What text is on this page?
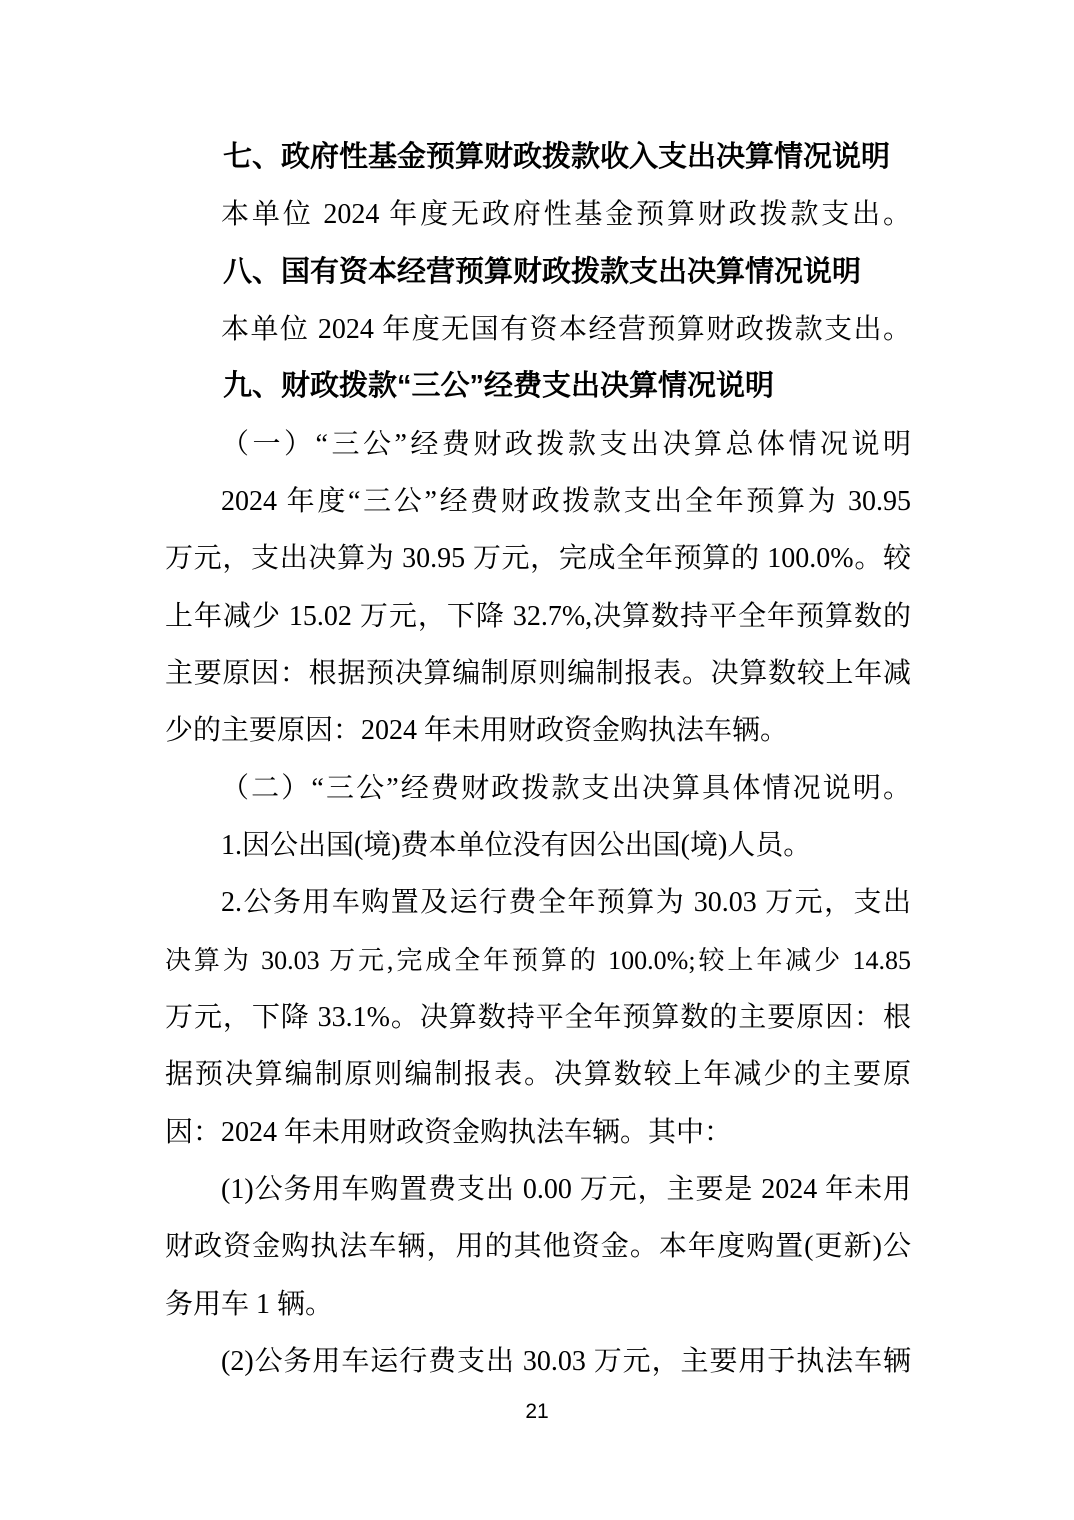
七、政府性基金预算财政拨款收入支出决算情况说明
本单位 2024 年度无政府性基金预算财政拨款支出。
八、国有资本经营预算财政拨款支出决算情况说明
本单位 2024 年度无国有资本经营预算财政拨款支出。
九、财政拨款“三公”经费支出决算情况说明
（一）“三公”经费财政拨款支出决算总体情况说明
2024 年度“三公”经费财政拨款支出全年预算为 30.95
万元，支出决算为 30.95 万元，完成全年预算的 100.0%。较
上年减少 15.02 万元，下降 32.7%,决算数持平全年预算数的
主要原因：根据预决算编制原则编制报表。决算数较上年减
少的主要原因：2024 年未用财政资金购执法车辆。
（二）“三公”经费财政拨款支出决算具体情况说明。
1.因公出国(境)费本单位没有因公出国(境)人员。
2.公务用车购置及运行费全年预算为 30.03 万元，支出
决算为 30.03 万元,完成全年预算的 100.0%;较上年减少 14.85
万元，下降 33.1%。决算数持平全年预算数的主要原因：根
据预决算编制原则编制报表。决算数较上年减少的主要原
因：2024 年未用财政资金购执法车辆。其中：
(1)公务用车购置费支出 0.00 万元，主要是 2024 年未用
财政资金购执法车辆，用的其他资金。本年度购置(更新)公
务用车 1 辆。
(2)公务用车运行费支出 30.03 万元，主要用于执法车辆
21
